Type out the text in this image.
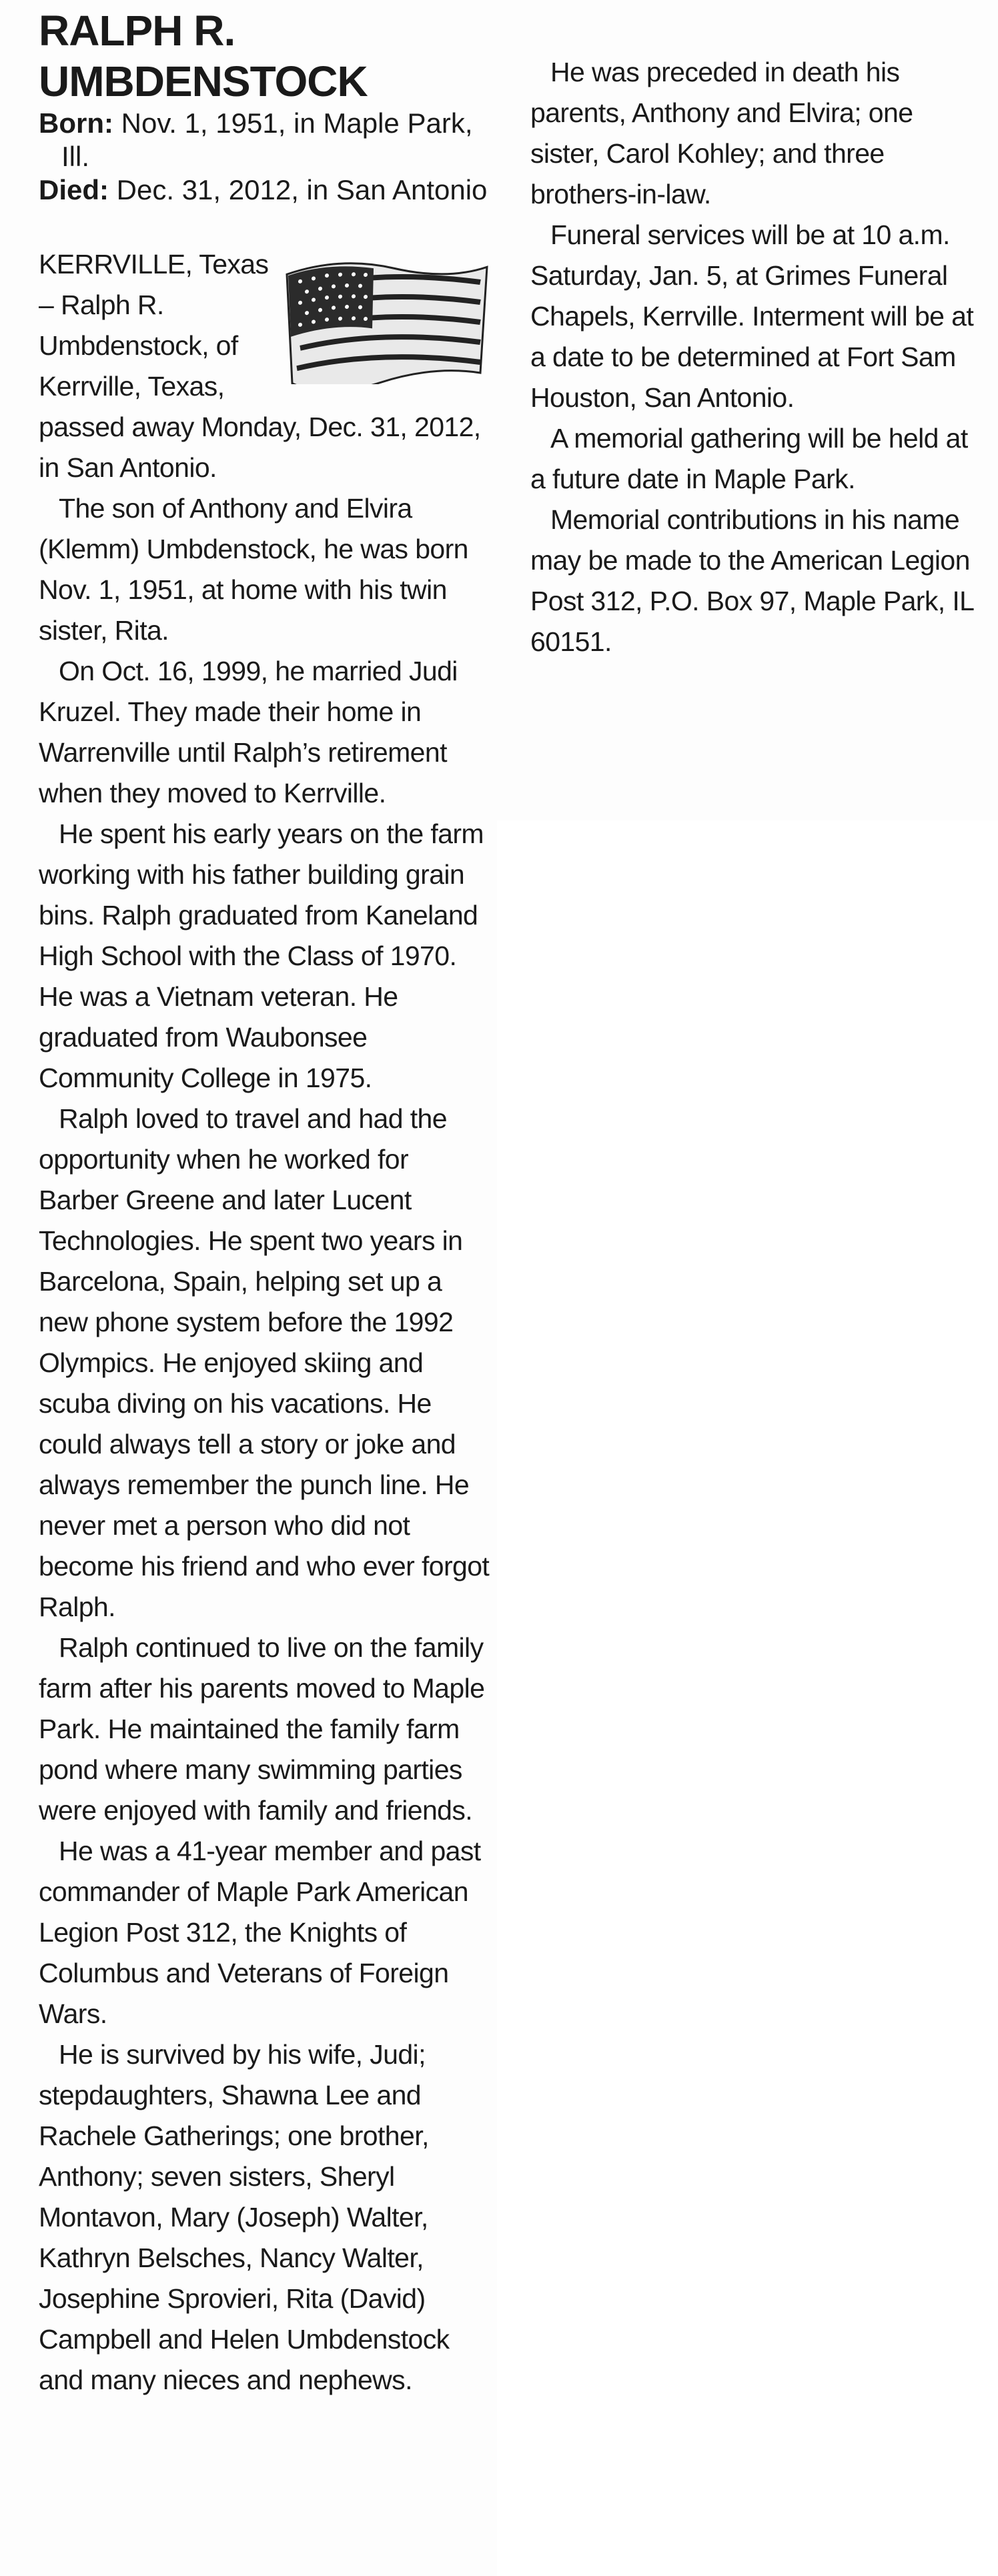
RALPH R.
UMBDENSTOCK

Born: Nov. 1, 1951, in Maple Park,
Ill.

Died: Dec. 31, 2012, in San Antonio

KERRVILLE, Texas – Ralph R. Umbdenstock, of Kerrville, Texas, passed away Monday, Dec. 31, 2012, in San Antonio.

The son of Anthony and Elvira (Klemm) Umbdenstock, he was born Nov. 1, 1951, at home with his twin sister, Rita.

On Oct. 16, 1999, he married Judi Kruzel. They made their home in Warrenville until Ralph’s retirement when they moved to Kerrville.

He spent his early years on the farm working with his father building grain bins. Ralph graduated from Kaneland High School with the Class of 1970. He was a Vietnam veteran. He graduated from Waubonsee Community College in 1975.

Ralph loved to travel and had the opportunity when he worked for Barber Greene and later Lucent Technologies. He spent two years in Barcelona, Spain, helping set up a new phone system before the 1992 Olympics. He enjoyed skiing and scuba diving on his vacations. He could always tell a story or joke and always remember the punch line. He never met a person who did not become his friend and who ever forgot Ralph.

Ralph continued to live on the family farm after his parents moved to Maple Park. He maintained the family farm pond where many swimming parties were enjoyed with family and friends.

He was a 41-year member and past commander of Maple Park American Legion Post 312, the Knights of Columbus and Veterans of Foreign Wars.

He is survived by his wife, Judi; stepdaughters, Shawna Lee and Rachele Gatherings; one brother, Anthony; seven sisters, Sheryl Montavon, Mary (Joseph) Walter, Kathryn Belsches, Nancy Walter, Josephine Sprovieri, Rita (David) Campbell and Helen Umbdenstock and many nieces and nephews.

He was preceded in death his parents, Anthony and Elvira; one sister, Carol Kohley; and three brothers-in-law.

Funeral services will be at 10 a.m. Saturday, Jan. 5, at Grimes Funeral Chapels, Kerrville. Interment will be at a date to be determined at Fort Sam Houston, San Antonio.

A memorial gathering will be held at a future date in Maple Park.

Memorial contributions in his name may be made to the American Legion Post 312, P.O. Box 97, Maple Park, IL 60151.
